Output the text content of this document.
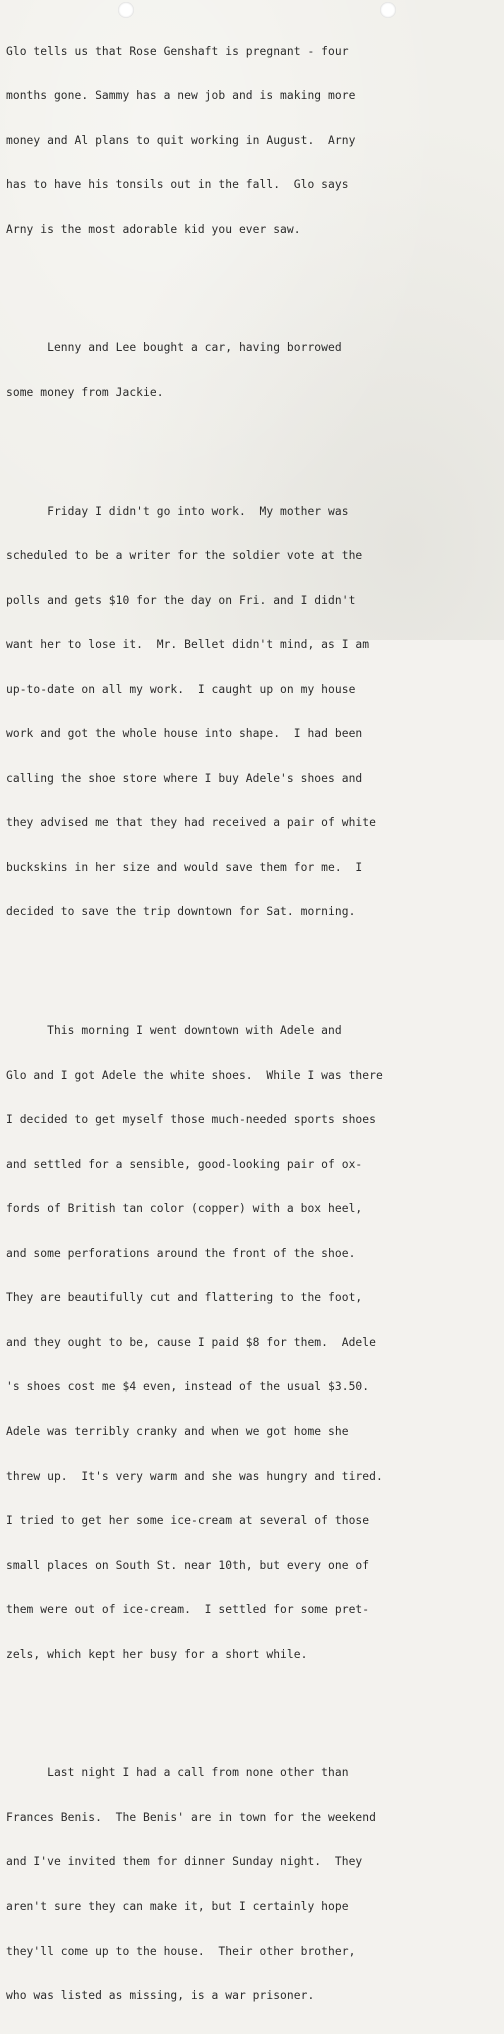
Glo tells us that Rose Genshaft is pregnant - four

months gone. Sammy has a new job and is making more

money and Al plans to quit working in August.  Arny

has to have his tonsils out in the fall.  Glo says

Arny is the most adorable kid you ever saw.

Lenny and Lee bought a car, having borrowed

some money from Jackie.

Friday I didn't go into work.  My mother was

scheduled to be a writer for the soldier vote at the

polls and gets $10 for the day on Fri. and I didn't

want her to lose it.  Mr. Bellet didn't mind, as I am

up-to-date on all my work.  I caught up on my house

work and got the whole house into shape.  I had been

calling the shoe store where I buy Adele's shoes and

they advised me that they had received a pair of white

buckskins in her size and would save them for me.  I

decided to save the trip downtown for Sat. morning.

This morning I went downtown with Adele and

Glo and I got Adele the white shoes.  While I was there

I decided to get myself those much-needed sports shoes

and settled for a sensible, good-looking pair of ox-

fords of British tan color (copper) with a box heel,

and some perforations around the front of the shoe.

They are beautifully cut and flattering to the foot,

and they ought to be, cause I paid $8 for them.  Adele

's shoes cost me $4 even, instead of the usual $3.50.

Adele was terribly cranky and when we got home she

threw up.  It's very warm and she was hungry and tired.

I tried to get her some ice-cream at several of those

small places on South St. near 10th, but every one of

them were out of ice-cream.  I settled for some pret-

zels, which kept her busy for a short while.

Last night I had a call from none other than

Frances Benis.  The Benis' are in town for the weekend

and I've invited them for dinner Sunday night.  They

aren't sure they can make it, but I certainly hope

they'll come up to the house.  Their other brother,

who was listed as missing, is a war prisoner.
